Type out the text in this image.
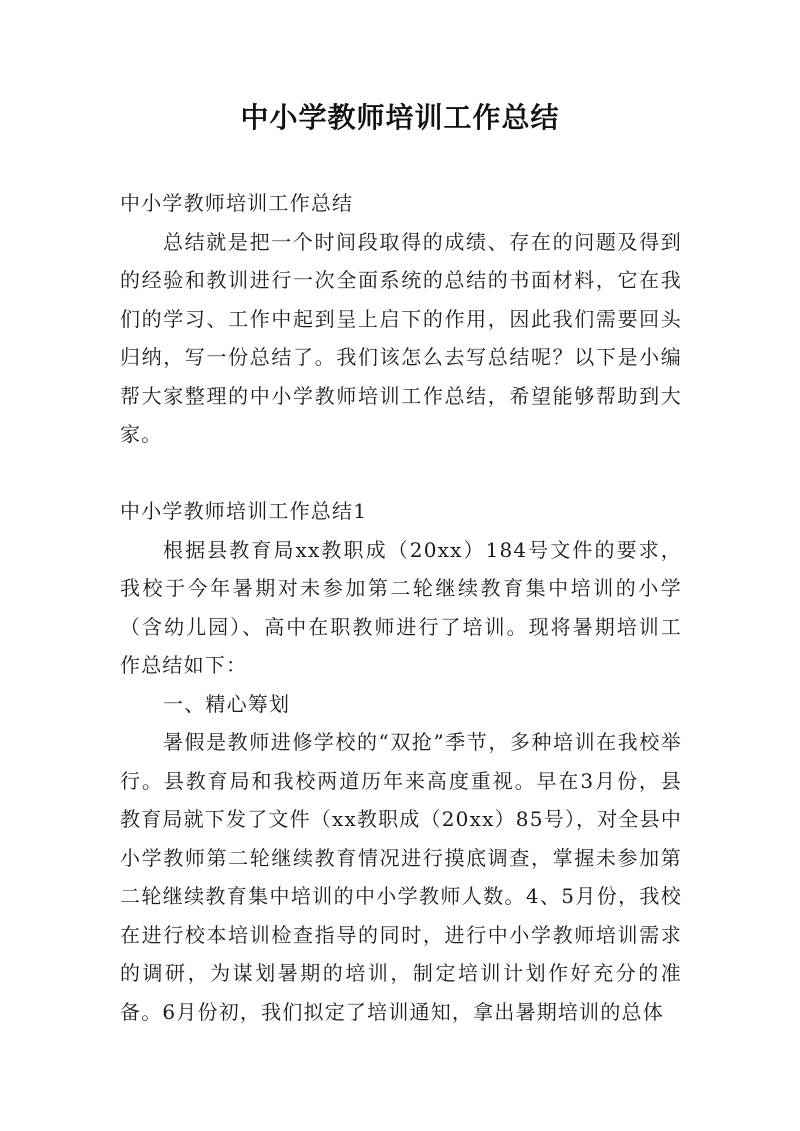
中小学教师培训工作总结

中小学教师培训工作总结

总结就是把一个时间段取得的成绩、存在的问题及得到的经验和教训进行一次全面系统的总结的书面材料，它在我们的学习、工作中起到呈上启下的作用，因此我们需要回头归纳，写一份总结了。我们该怎么去写总结呢？以下是小编帮大家整理的中小学教师培训工作总结，希望能够帮助到大家。

中小学教师培训工作总结1

根据县教育局xx教职成（20xx）184号文件的要求，我校于今年暑期对未参加第二轮继续教育集中培训的小学（含幼儿园）、高中在职教师进行了培训。现将暑期培训工作总结如下：

一、精心筹划

暑假是教师进修学校的“双抢”季节，多种培训在我校举行。县教育局和我校两道历年来高度重视。早在3月份，县教育局就下发了文件（xx教职成（20xx）85号），对全县中小学教师第二轮继续教育情况进行摸底调查，掌握未参加第二轮继续教育集中培训的中小学教师人数。4、5月份，我校在进行校本培训检查指导的同时，进行中小学教师培训需求的调研，为谋划暑期的培训，制定培训计划作好充分的准备。6月份初，我们拟定了培训通知，拿出暑期培训的总体
